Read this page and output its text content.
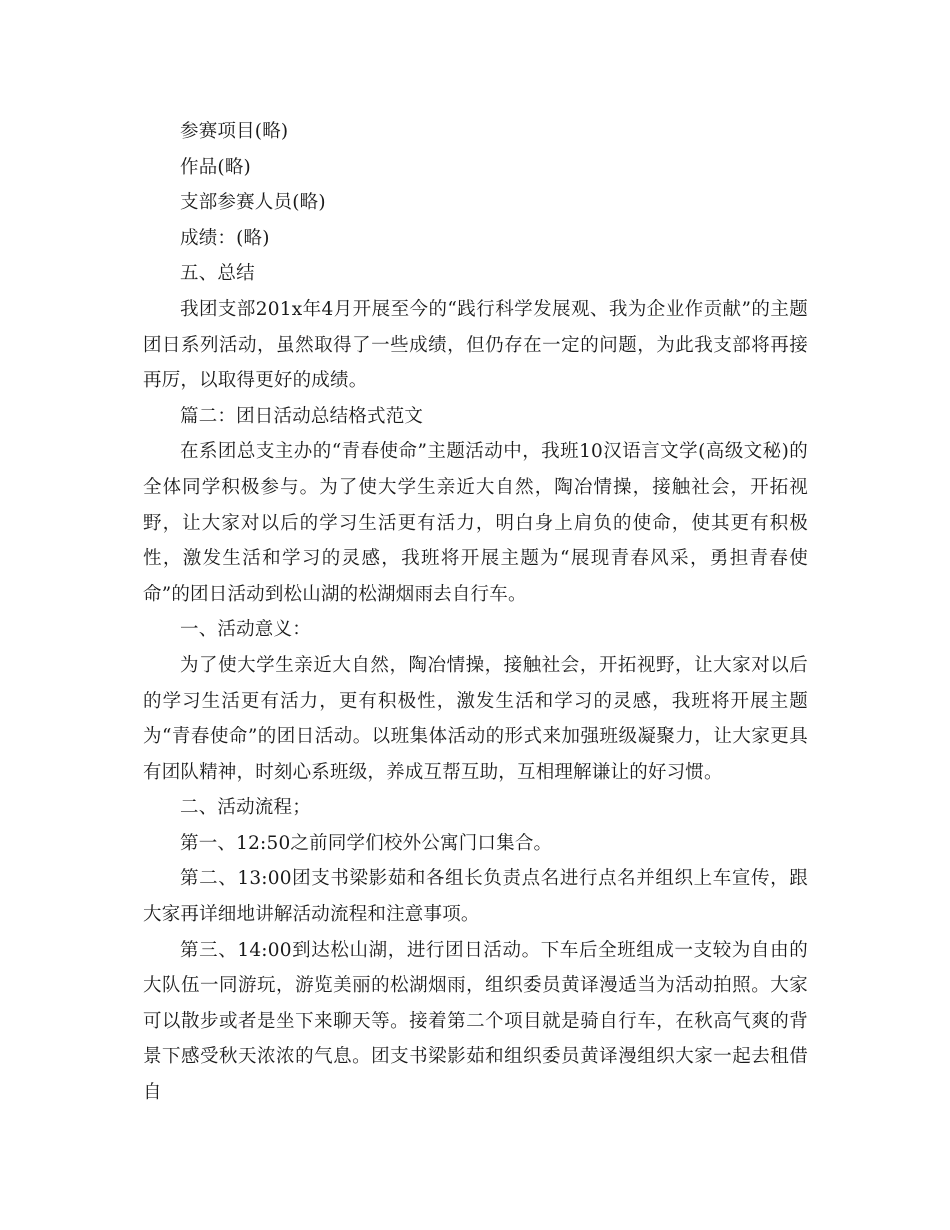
参赛项目(略)

作品(略)

支部参赛人员(略)

成绩：(略)

五、总结

我团支部201x年4月开展至今的“践行科学发展观、我为企业作贡献”的主题团日系列活动，虽然取得了一些成绩，但仍存在一定的问题，为此我支部将再接再厉，以取得更好的成绩。

篇二：团日活动总结格式范文

在系团总支主办的“青春使命”主题活动中，我班10汉语言文学(高级文秘)的全体同学积极参与。为了使大学生亲近大自然，陶冶情操，接触社会，开拓视野，让大家对以后的学习生活更有活力，明白身上肩负的使命，使其更有积极性，激发生活和学习的灵感，我班将开展主题为“展现青春风采，勇担青春使命”的团日活动到松山湖的松湖烟雨去自行车。

一、活动意义：

为了使大学生亲近大自然，陶冶情操，接触社会，开拓视野，让大家对以后的学习生活更有活力，更有积极性，激发生活和学习的灵感，我班将开展主题为“青春使命”的团日活动。以班集体活动的形式来加强班级凝聚力，让大家更具有团队精神，时刻心系班级，养成互帮互助，互相理解谦让的好习惯。

二、活动流程；

第一、12:50之前同学们校外公寓门口集合。

第二、13:00团支书梁影茹和各组长负责点名进行点名并组织上车宣传，跟大家再详细地讲解活动流程和注意事项。

第三、14:00到达松山湖，进行团日活动。下车后全班组成一支较为自由的大队伍一同游玩，游览美丽的松湖烟雨，组织委员黄译漫适当为活动拍照。大家可以散步或者是坐下来聊天等。接着第二个项目就是骑自行车，在秋高气爽的背景下感受秋天浓浓的气息。团支书梁影茹和组织委员黄译漫组织大家一起去租借自
